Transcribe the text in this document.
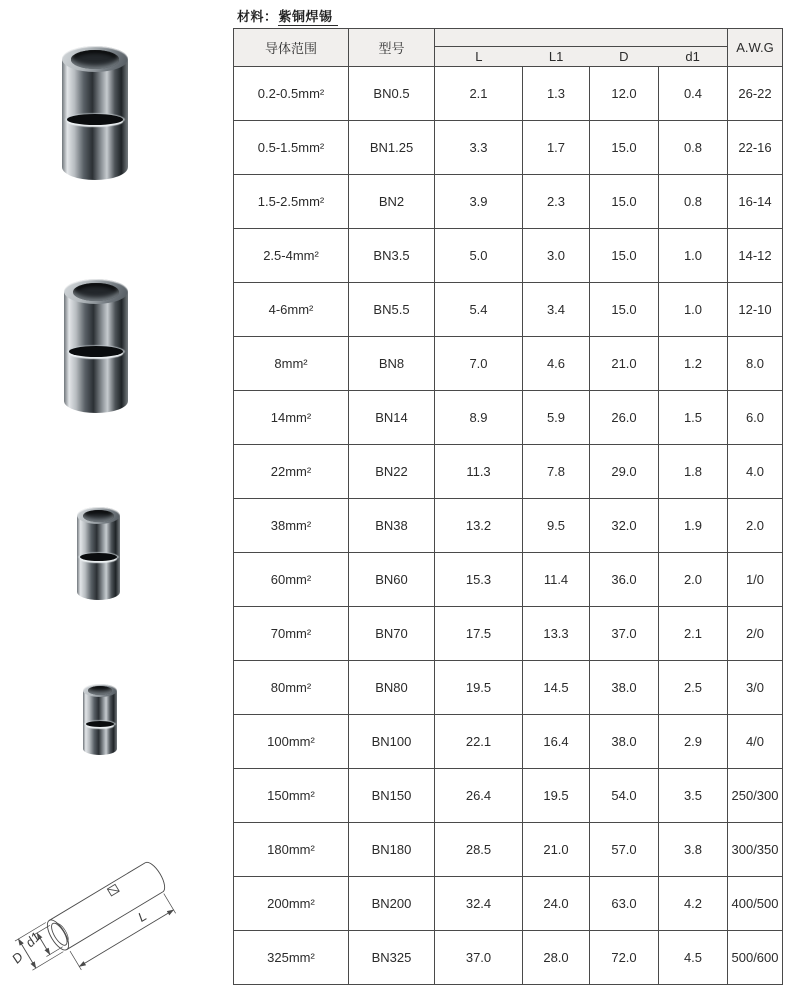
材料：紫铜焊锡
L
D
d1
导体范围	型号					A.W.G

		L L1 D d1				

0.2-0.5mm²	BN0.5	2.1	1.3	12.0	0.4	26-22
0.5-1.5mm²	BN1.25	3.3	1.7	15.0	0.8	22-16
1.5-2.5mm²	BN2	3.9	2.3	15.0	0.8	16-14
2.5-4mm²	BN3.5	5.0	3.0	15.0	1.0	14-12
4-6mm²	BN5.5	5.4	3.4	15.0	1.0	12-10
8mm²	BN8	7.0	4.6	21.0	1.2	8.0
14mm²	BN14	8.9	5.9	26.0	1.5	6.0
22mm²	BN22	11.3	7.8	29.0	1.8	4.0
38mm²	BN38	13.2	9.5	32.0	1.9	2.0
60mm²	BN60	15.3	11.4	36.0	2.0	1/0
70mm²	BN70	17.5	13.3	37.0	2.1	2/0
80mm²	BN80	19.5	14.5	38.0	2.5	3/0
100mm²	BN100	22.1	16.4	38.0	2.9	4/0
150mm²	BN150	26.4	19.5	54.0	3.5	250/300
180mm²	BN180	28.5	21.0	57.0	3.8	300/350
200mm²	BN200	32.4	24.0	63.0	4.2	400/500
325mm²	BN325	37.0	28.0	72.0	4.5	500/600
